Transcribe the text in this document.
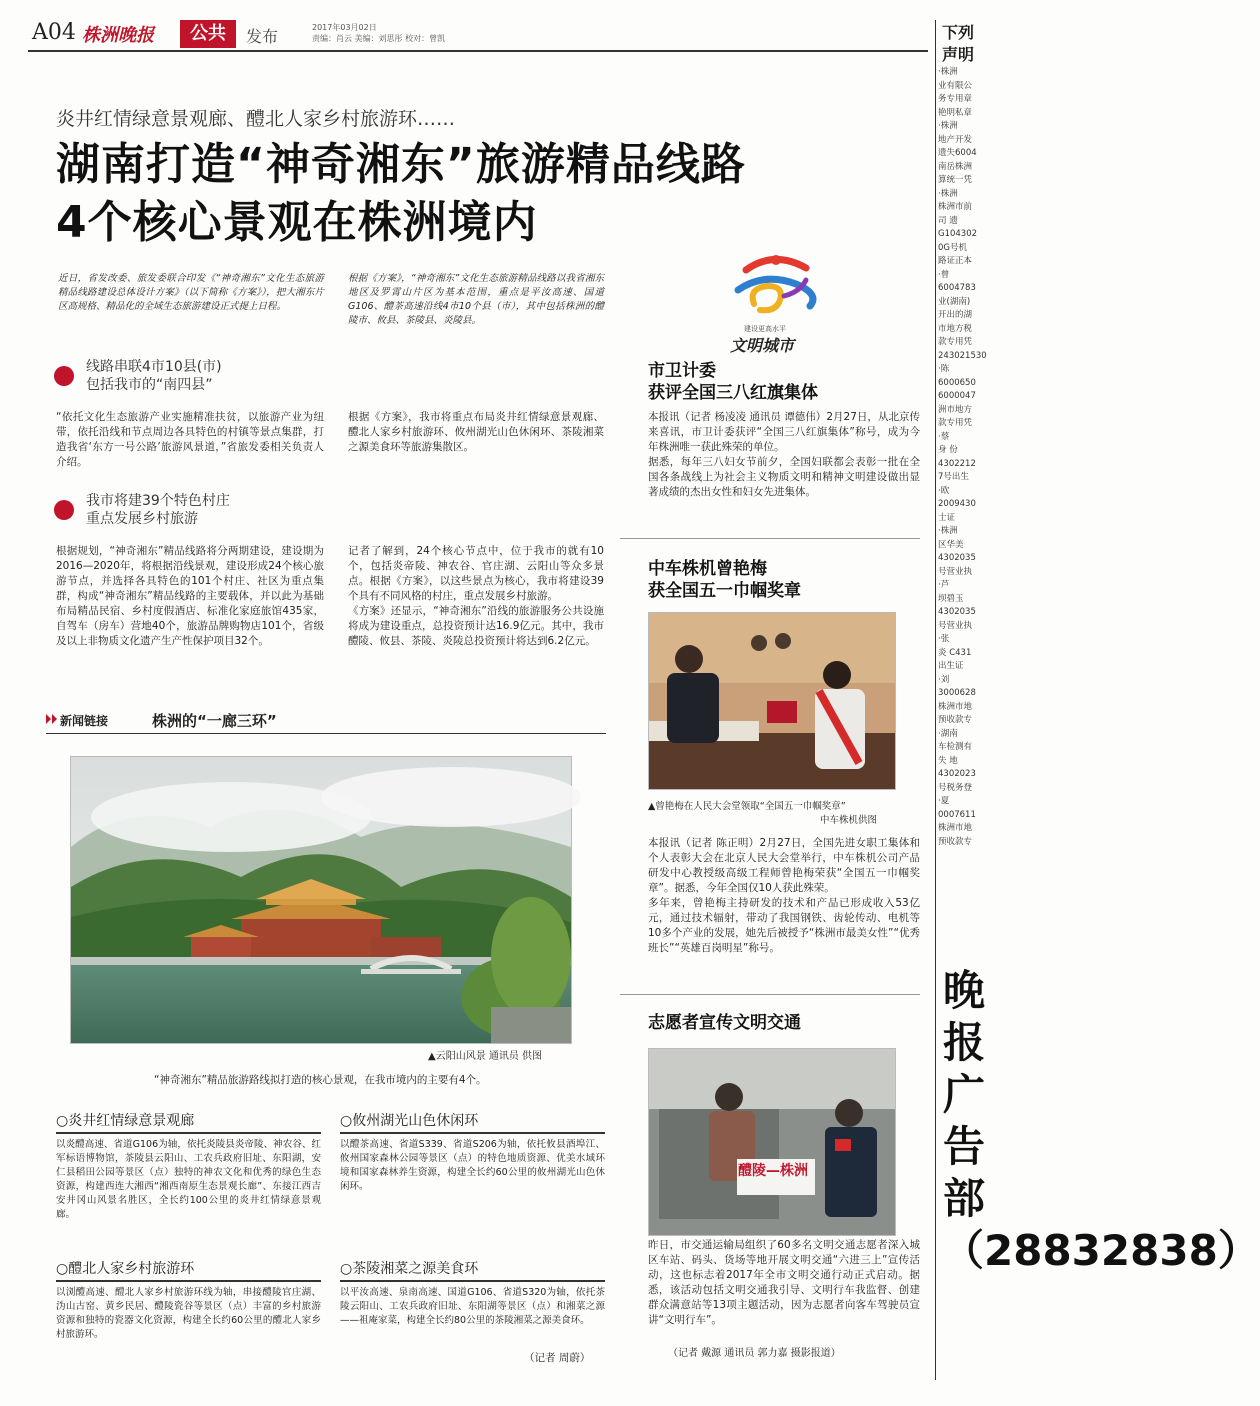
A04 株洲晚报	公共	发布	2017年03月02日
责编：肖云 美编：刘思彤 校对：曾凯
炎井红情绿意景观廊、醴北人家乡村旅游环……
湖南打造“神奇湘东”旅游精品线路
4个核心景观在株洲境内
近日，省发改委、旅发委联合印发《“神奇湘东”文化生态旅游精品线路建设总体设计方案》（以下简称《方案》），把大湘东片区高规格、精品化的全域生态旅游建设正式提上日程。
根据《方案》，“神奇湘东”文化生态旅游精品线路以我省湘东地区及罗霄山片区为基本范围，重点是平汝高速、国道G106、醴茶高速沿线4市10个县（市），其中包括株洲的醴陵市、攸县、茶陵县、炎陵县。
线路串联4市10县(市)
包括我市的“南四县”
“依托文化生态旅游产业实施精准扶贫，以旅游产业为纽带，依托沿线和节点周边各具特色的村镇等景点集群，打造我省‘东方一号公路’旅游风景道，”省旅发委相关负责人介绍。
根据《方案》，我市将重点布局炎井红情绿意景观廊、醴北人家乡村旅游环、攸州湖光山色休闲环、茶陵湘菜之源美食环等旅游集散区。
我市将建39个特色村庄
重点发展乡村旅游
根据规划，“神奇湘东”精品线路将分两期建设，建设期为2016—2020年，将根据沿线景观，建设形成24个核心旅游节点，并选择各具特色的101个村庄、社区为重点集群，构成“神奇湘东”精品线路的主要载体，并以此为基础布局精品民宿、乡村度假酒店、标准化家庭旅馆435家，自驾车（房车）营地40个，旅游品牌购物店101个，省级及以上非物质文化遗产生产性保护项目32个。
记者了解到，24个核心节点中，位于我市的就有10个，包括炎帝陵、神农谷、官庄湖、云阳山等众多景点。根据《方案》，以这些景点为核心，我市将建设39个具有不同风格的村庄，重点发展乡村旅游。
《方案》还显示，“神奇湘东”沿线的旅游服务公共设施将成为建设重点，总投资预计达16.9亿元。其中，我市醴陵、攸县、茶陵、炎陵总投资预计将达到6.2亿元。
新闻链接	株洲的“一廊三环”
▲云阳山风景 通讯员 供图
“神奇湘东”精品旅游路线拟打造的核心景观，在我市境内的主要有4个。
○炎井红情绿意景观廊
以炎醴高速、省道G106为轴，依托炎陵县炎帝陵、神农谷、红军标语博物馆，茶陵县云阳山、工农兵政府旧址、东阳湖，安仁县稻田公园等景区（点）独特的神农文化和优秀的绿色生态资源，构建西连大湘西“湘西南原生态景观长廊”、东接江西吉安井冈山风景名胜区，全长约100公里的炎井红情绿意景观廊。
○攸州湖光山色休闲环
以醴茶高速、省道S339、省道S206为轴，依托攸县酒埠江、攸州国家森林公园等景区（点）的特色地质资源、优美水域环境和国家森林养生资源，构建全长约60公里的攸州湖光山色休闲环。
○醴北人家乡村旅游环
以浏醴高速、醴北人家乡村旅游环线为轴，串接醴陵官庄湖、沩山古窑、黄乡民居、醴陵瓷谷等景区（点）丰富的乡村旅游资源和独特的瓷器文化资源，构建全长约60公里的醴北人家乡村旅游环。
○茶陵湘菜之源美食环
以平汝高速、泉南高速、国道G106、省道S320为轴，依托茶陵云阳山、工农兵政府旧址、东阳湖等景区（点）和湘菜之源——祖庵家菜，构建全长约80公里的茶陵湘菜之源美食环。
（记者 周蔚）
建设更高水平
文明城市
市卫计委
获评全国三八红旗集体
本报讯（记者 杨凌凌 通讯员 谭德伟）2月27日，从北京传来喜讯，市卫计委获评“全国三八红旗集体”称号，成为今年株洲唯一获此殊荣的单位。
据悉，每年三八妇女节前夕，全国妇联都会表彰一批在全国各条战线上为社会主义物质文明和精神文明建设做出显著成绩的杰出女性和妇女先进集体。
中车株机曾艳梅
获全国五一巾帼奖章
▲曾艳梅在人民大会堂领取“全国五一巾帼奖章”
中车株机供图
本报讯（记者 陈正明）2月27日，全国先进女职工集体和个人表彰大会在北京人民大会堂举行，中车株机公司产品研发中心教授级高级工程师曾艳梅荣获“全国五一巾帼奖章”。据悉，今年全国仅10人获此殊荣。
多年来，曾艳梅主持研发的技术和产品已形成收入53亿元，通过技术辐射，带动了我国钢铁、齿轮传动、电机等10多个产业的发展，她先后被授予“株洲市最美女性”“优秀班长”“英雄百岗明星”称号。
志愿者宣传文明交通
醴陵—株洲
昨日，市交通运输局组织了60多名文明交通志愿者深入城区车站、码头、货场等地开展文明交通“六进三上”宣传活动，这也标志着2017年全市文明交通行动正式启动。据悉，该活动包括文明交通我引导、文明行车我监督、创建群众满意站等13项主题活动，因为志愿者向客车驾驶员宣讲“文明行车”。
（记者 戴源 通讯员 郭力嘉 摄影报道）
下列
声明
·株洲
业有限公
务专用章
艳明私章
·株洲
地产开发
遗失6004
南岳株洲
算统一凭
·株洲
株洲市前
司 遗
G104302
0G号机
路证正本
·曾
6004783
业(湖南)
开出的湖
市地方税
款专用凭
243021530
·陈
6000650
6000047
洲市地方
款专用凭
·蔡
身 份
4302212
7号出生
·欧
2009430
士证
·株洲
区华美
4302035
号营业执
·芦
坝碧玉
4302035
号营业执
·张
炎 C431
出生证
·刘
3000628
株洲市地
预收款专
·湖南
车检测有
失 地
4302023
号税务登
·夏
0007611
株洲市地
预收款专
晚报广告部（28832838）
